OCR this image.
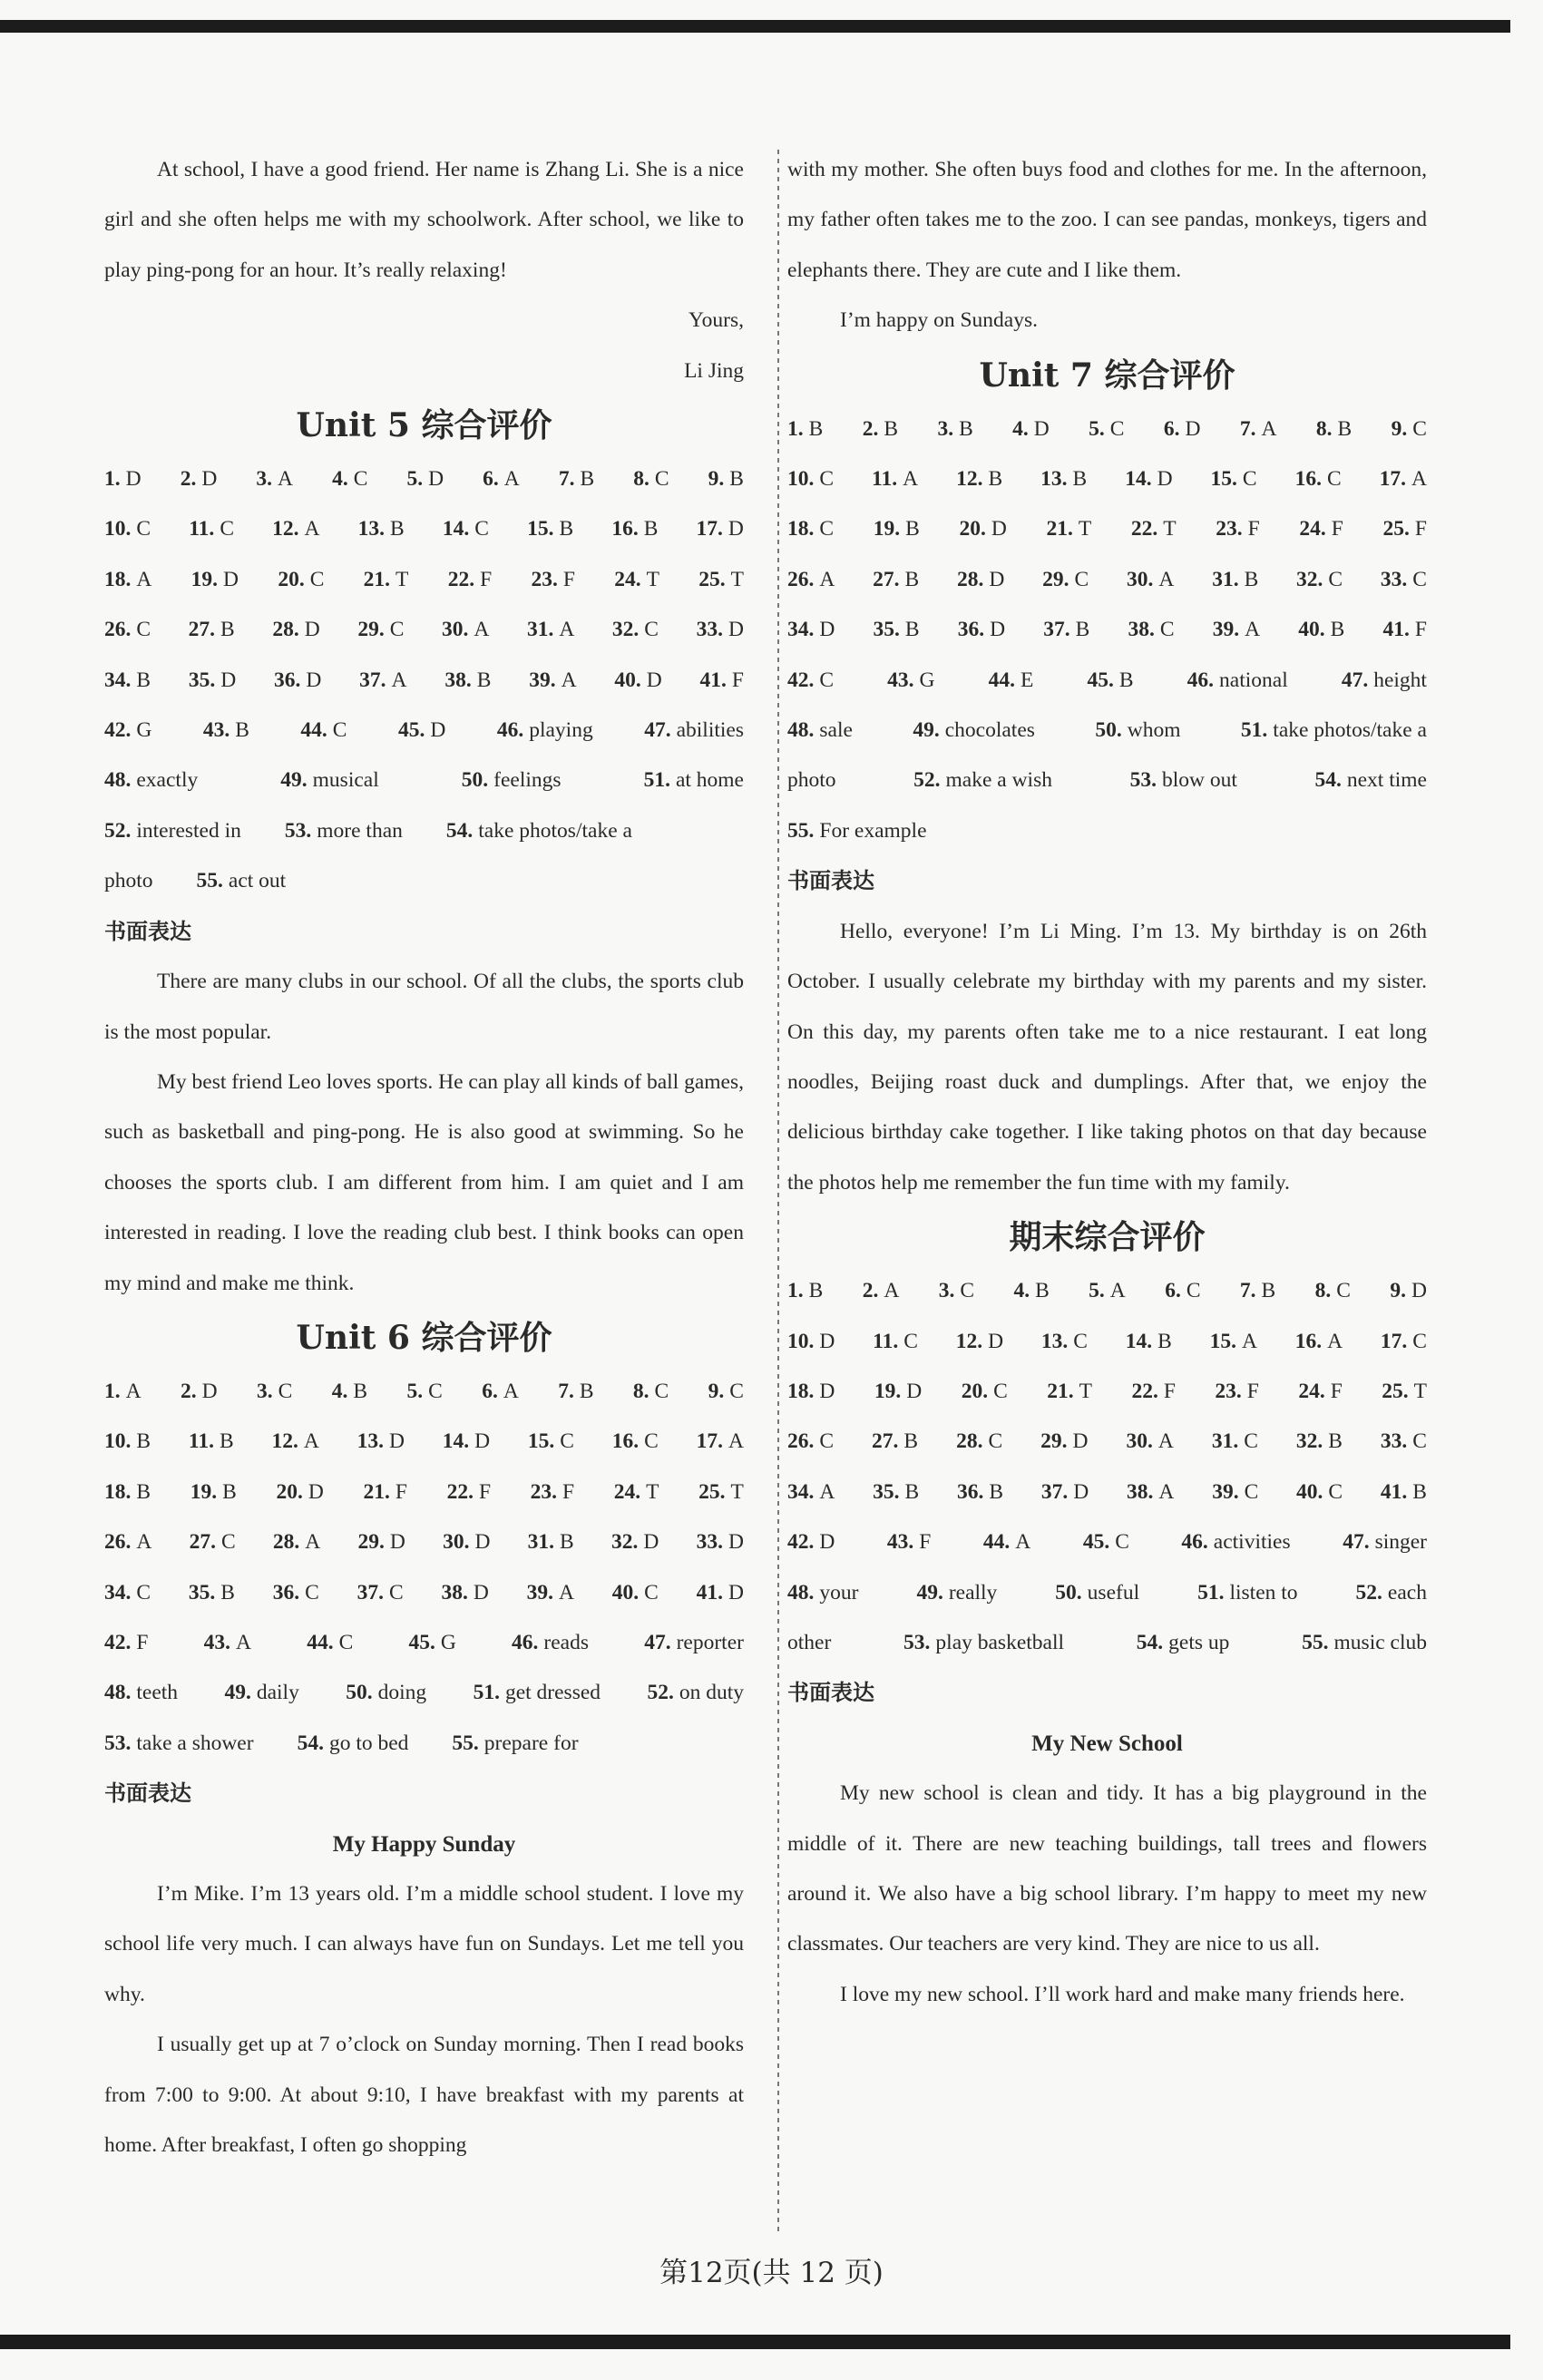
At school, I have a good friend. Her name is Zhang Li. She is a nice girl and she often helps me with my schoolwork. After school, we like to play ping-pong for an hour. It’s really relaxing!

Yours,

Li Jing

Unit 5 综合评价
1. D 2. D 3. A 4. C 5. D 6. A 7. B 8. C 9. B
10. C 11. C 12. A 13. B 14. C 15. B 16. B 17. D
18. A 19. D 20. C 21. T 22. F 23. F 24. T 25. T
26. C 27. B 28. D 29. C 30. A 31. A 32. C 33. D
34. B 35. D 36. D 37. A 38. B 39. A 40. D 41. F
42. G 43. B 44. C 45. D 46. playing 47. abilities
48. exactly	49. musical	50. feelings	51. at home
52. interested in 53. more than 54. take photos/take a
photo 55. act out

书面表达

There are many clubs in our school. Of all the clubs, the sports club is the most popular.

My best friend Leo loves sports. He can play all kinds of ball games, such as basketball and ping-pong. He is also good at swimming. So he chooses the sports club. I am different from him. I am quiet and I am interested in reading. I love the reading club best. I think books can open my mind and make me think.

Unit 6 综合评价
1. A 2. D 3. C 4. B 5. C 6. A 7. B 8. C 9. C
10. B 11. B 12. A 13. D 14. D 15. C 16. C 17. A
18. B 19. B 20. D 21. F 22. F 23. F 24. T 25. T
26. A 27. C 28. A 29. D 30. D 31. B 32. D 33. D
34. C 35. B 36. C 37. C 38. D 39. A 40. C 41. D
42. F	43. A	44. C	45. G	46. reads	47. reporter
48. teeth 49. daily 50. doing 51. get dressed 52. on duty
53. take a shower 54. go to bed 55. prepare for

书面表达

My Happy Sunday

I’m Mike. I’m 13 years old. I’m a middle school student. I love my school life very much. I can always have fun on Sundays. Let me tell you why.

I usually get up at 7 o’clock on Sunday morning. Then I read books from 7:00 to 9:00. At about 9:10, I have breakfast with my parents at home. After breakfast, I often go shopping

with my mother. She often buys food and clothes for me. In the afternoon, my father often takes me to the zoo. I can see pandas, monkeys, tigers and elephants there. They are cute and I like them.

I’m happy on Sundays.

Unit 7 综合评价
1. B 2. B 3. B 4. D 5. C 6. D 7. A 8. B 9. C
10. C 11. A 12. B 13. B 14. D 15. C 16. C 17. A
18. C 19. B 20. D 21. T 22. T 23. F 24. F 25. F
26. A 27. B 28. D 29. C 30. A 31. B 32. C 33. C
34. D 35. B 36. D 37. B 38. C 39. A 40. B 41. F
42. C	43. G	44. E	45. B	46. national	47. height
48. sale	49. chocolates	50. whom	51. take photos/take a
photo	52. make a wish	53. blow out	54. next time
55. For example

书面表达

Hello, everyone! I’m Li Ming. I’m 13. My birthday is on 26th October. I usually celebrate my birthday with my parents and my sister. On this day, my parents often take me to a nice restaurant. I eat long noodles, Beijing roast duck and dumplings. After that, we enjoy the delicious birthday cake together. I like taking photos on that day because the photos help me remember the fun time with my family.

期末综合评价
1. B 2. A 3. C 4. B 5. A 6. C 7. B 8. C 9. D
10. D 11. C 12. D 13. C 14. B 15. A 16. A 17. C
18. D 19. D 20. C 21. T 22. F 23. F 24. F 25. T
26. C 27. B 28. C 29. D 30. A 31. C 32. B 33. C
34. A 35. B 36. B 37. D 38. A 39. C 40. C 41. B
42. D 43. F 44. A 45. C 46. activities 47. singer
48. your	49. really	50. useful	51. listen to	52. each
other	53. play basketball	54. gets up	55. music club

书面表达

My New School

My new school is clean and tidy. It has a big playground in the middle of it. There are new teaching buildings, tall trees and flowers around it. We also have a big school library. I’m happy to meet my new classmates. Our teachers are very kind. They are nice to us all.

I love my new school. I’ll work hard and make many friends here.

第12页(共 12 页)
